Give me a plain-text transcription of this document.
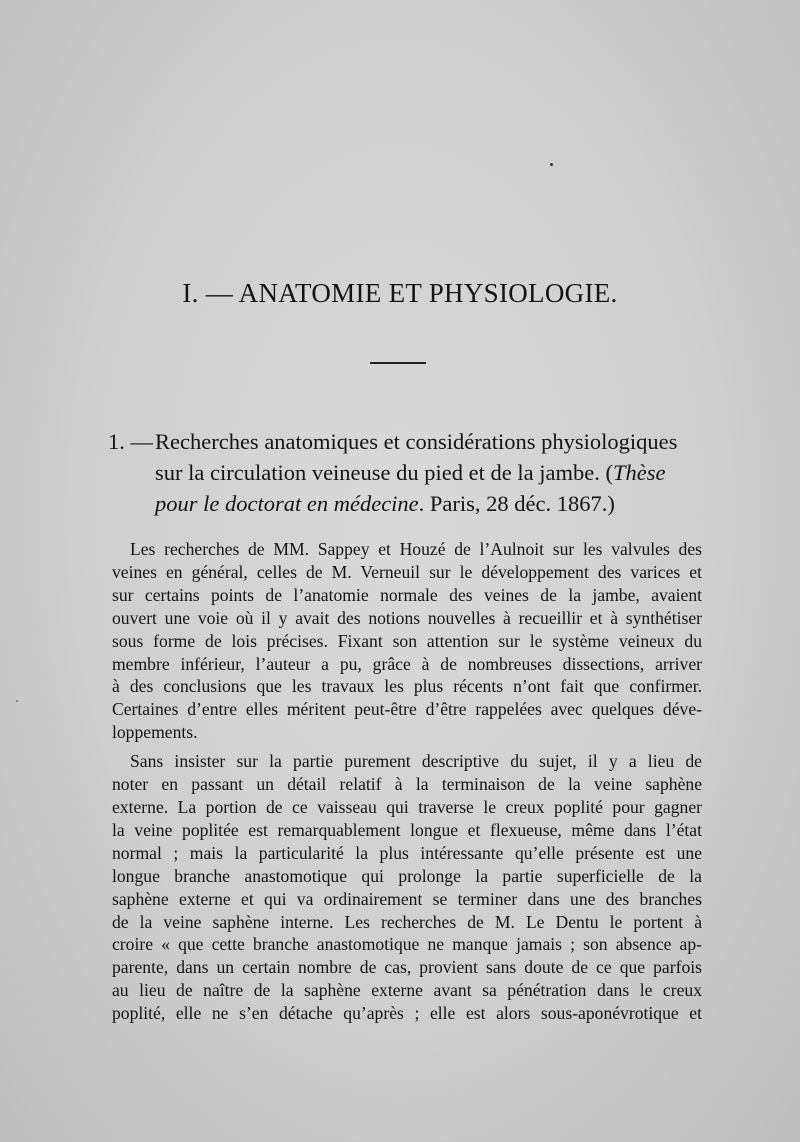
I. — ANATOMIE ET PHYSIOLOGIE.
1. —Recherches anatomiques et considérations physiologiques
sur la circulation veineuse du pied et de la jambe. (Thèse
pour le doctorat en médecine. Paris, 28 déc. 1867.)
Les recherches de MM. Sappey et Houzé de l’Aulnoit sur les valvules des
veines en général, celles de M. Verneuil sur le développement des varices et
sur certains points de l’anatomie normale des veines de la jambe, avaient
ouvert une voie où il y avait des notions nouvelles à recueillir et à synthétiser
sous forme de lois précises. Fixant son attention sur le système veineux du
membre inférieur, l’auteur a pu, grâce à de nombreuses dissections, arriver
à des conclusions que les travaux les plus récents n’ont fait que confirmer.
Certaines d’entre elles méritent peut-être d’être rappelées avec quelques déve-
loppements.
Sans insister sur la partie purement descriptive du sujet, il y a lieu de
noter en passant un détail relatif à la terminaison de la veine saphène
externe. La portion de ce vaisseau qui traverse le creux poplité pour gagner
la veine poplitée est remarquablement longue et flexueuse, même dans l’état
normal ; mais la particularité la plus intéressante qu’elle présente est une
longue branche anastomotique qui prolonge la partie superficielle de la
saphène externe et qui va ordinairement se terminer dans une des branches
de la veine saphène interne. Les recherches de M. Le Dentu le portent à
croire « que cette branche anastomotique ne manque jamais ; son absence ap-
parente, dans un certain nombre de cas, provient sans doute de ce que parfois
au lieu de naître de la saphène externe avant sa pénétration dans le creux
poplité, elle ne s’en détache qu’après ; elle est alors sous-aponévrotique et
